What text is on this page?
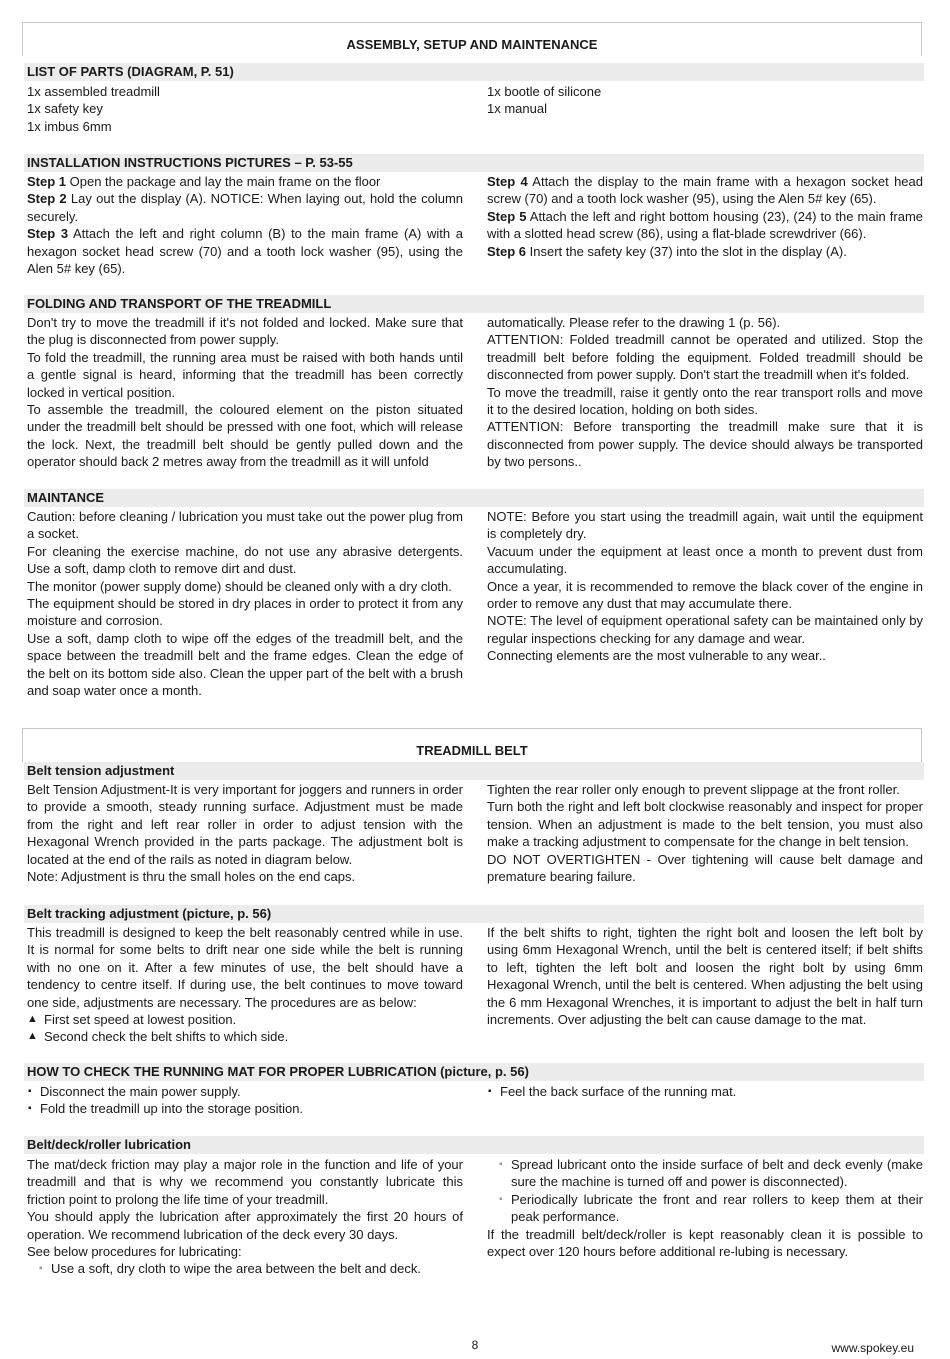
ASSEMBLY, SETUP AND MAINTENANCE
LIST OF PARTS (DIAGRAM, P. 51)

1x assembled treadmill

1x safety key

1x imbus 6mm

1x bootle of silicone

1x manual

INSTALLATION INSTRUCTIONS PICTURES – P. 53-55

Step 1 Open the package and lay the main frame on the floor

Step 2 Lay out the display (A). NOTICE: When laying out, hold the column securely.

Step 3 Attach the left and right column (B) to the main frame (A) with a hexagon socket head screw (70) and a tooth lock washer (95), using the Alen 5# key (65).

Step 4 Attach the display to the main frame with a hexagon socket head screw (70) and a tooth lock washer (95), using the Alen 5# key (65).

Step 5 Attach the left and right bottom housing (23), (24) to the main frame with a slotted head screw (86), using a flat-blade screwdriver (66).

Step 6 Insert the safety key (37) into the slot in the display (A).

FOLDING AND TRANSPORT OF THE TREADMILL

Don't try to move the treadmill if it's not folded and locked. Make sure that the plug is disconnected from power supply.

To fold the treadmill, the running area must be raised with both hands until a gentle signal is heard, informing that the treadmill has been correctly locked in vertical position.

To assemble the treadmill, the coloured element on the piston situated under the treadmill belt should be pressed with one foot, which will release the lock. Next, the treadmill belt should be gently pulled down and the operator should back 2 metres away from the treadmill as it will unfold

automatically. Please refer to the drawing 1 (p. 56).

ATTENTION: Folded treadmill cannot be operated and utilized. Stop the treadmill belt before folding the equipment. Folded treadmill should be disconnected from power supply. Don't start the treadmill when it's folded.

To move the treadmill, raise it gently onto the rear transport rolls and move it to the desired location, holding on both sides.

ATTENTION: Before transporting the treadmill make sure that it is disconnected from power supply. The device should always be transported by two persons..

MAINTANCE

Caution: before cleaning / lubrication you must take out the power plug from a socket.

For cleaning the exercise machine, do not use any abrasive detergents. Use a soft, damp cloth to remove dirt and dust.

The monitor (power supply dome) should be cleaned only with a dry cloth.

The equipment should be stored in dry places in order to protect it from any moisture and corrosion.

Use a soft, damp cloth to wipe off the edges of the treadmill belt, and the space between the treadmill belt and the frame edges. Clean the edge of the belt on its bottom side also. Clean the upper part of the belt with a brush and soap water once a month.

NOTE: Before you start using the treadmill again, wait until the equipment is completely dry.

Vacuum under the equipment at least once a month to prevent dust from accumulating.

Once a year, it is recommended to remove the black cover of the engine in order to remove any dust that may accumulate there.

NOTE: The level of equipment operational safety can be maintained only by regular inspections checking for any damage and wear.

Connecting elements are the most vulnerable to any wear..

TREADMILL BELT
Belt tension adjustment

Belt Tension Adjustment-It is very important for joggers and runners in order to provide a smooth, steady running surface. Adjustment must be made from the right and left rear roller in order to adjust tension with the Hexagonal Wrench provided in the parts package. The adjustment bolt is located at the end of the rails as noted in diagram below.

Note: Adjustment is thru the small holes on the end caps.

Tighten the rear roller only enough to prevent slippage at the front roller.

Turn both the right and left bolt clockwise reasonably and inspect for proper tension. When an adjustment is made to the belt tension, you must also make a tracking adjustment to compensate for the change in belt tension.

DO NOT OVERTIGHTEN - Over tightening will cause belt damage and premature bearing failure.

Belt tracking adjustment (picture, p. 56)

This treadmill is designed to keep the belt reasonably centred while in use. It is normal for some belts to drift near one side while the belt is running with no one on it. After a few minutes of use, the belt should have a tendency to centre itself. If during use, the belt continues to move toward one side, adjustments are necessary. The procedures are as below:

▲ First set speed at lowest position.
▲ Second check the belt shifts to which side.

If the belt shifts to right, tighten the right bolt and loosen the left bolt by using 6mm Hexagonal Wrench, until the belt is centered itself; if belt shifts to left, tighten the left bolt and loosen the right bolt by using 6mm Hexagonal Wrench, until the belt is centered. When adjusting the belt using the 6 mm Hexagonal Wrenches, it is important to adjust the belt in half turn increments. Over adjusting the belt can cause damage to the mat.

HOW TO CHECK THE RUNNING MAT FOR PROPER LUBRICATION (picture, p. 56)
▪ Disconnect the main power supply.
▪ Fold the treadmill up into the storage position.
▪ Feel the back surface of the running mat.
Belt/deck/roller lubrication

The mat/deck friction may play a major role in the function and life of your treadmill and that is why we recommend you constantly lubricate this friction point to prolong the life time of your treadmill.

You should apply the lubrication after approximately the first 20 hours of operation. We recommend lubrication of the deck every 30 days.

See below procedures for lubricating:

▪ Use a soft, dry cloth to wipe the area between the belt and deck.
▪ Spread lubricant onto the inside surface of belt and deck evenly (make sure the machine is turned off and power is disconnected).
▪ Periodically lubricate the front and rear rollers to keep them at their peak performance.

If the treadmill belt/deck/roller is kept reasonably clean it is possible to expect over 120 hours before additional re-lubing is necessary.

8	www.spokey.eu
